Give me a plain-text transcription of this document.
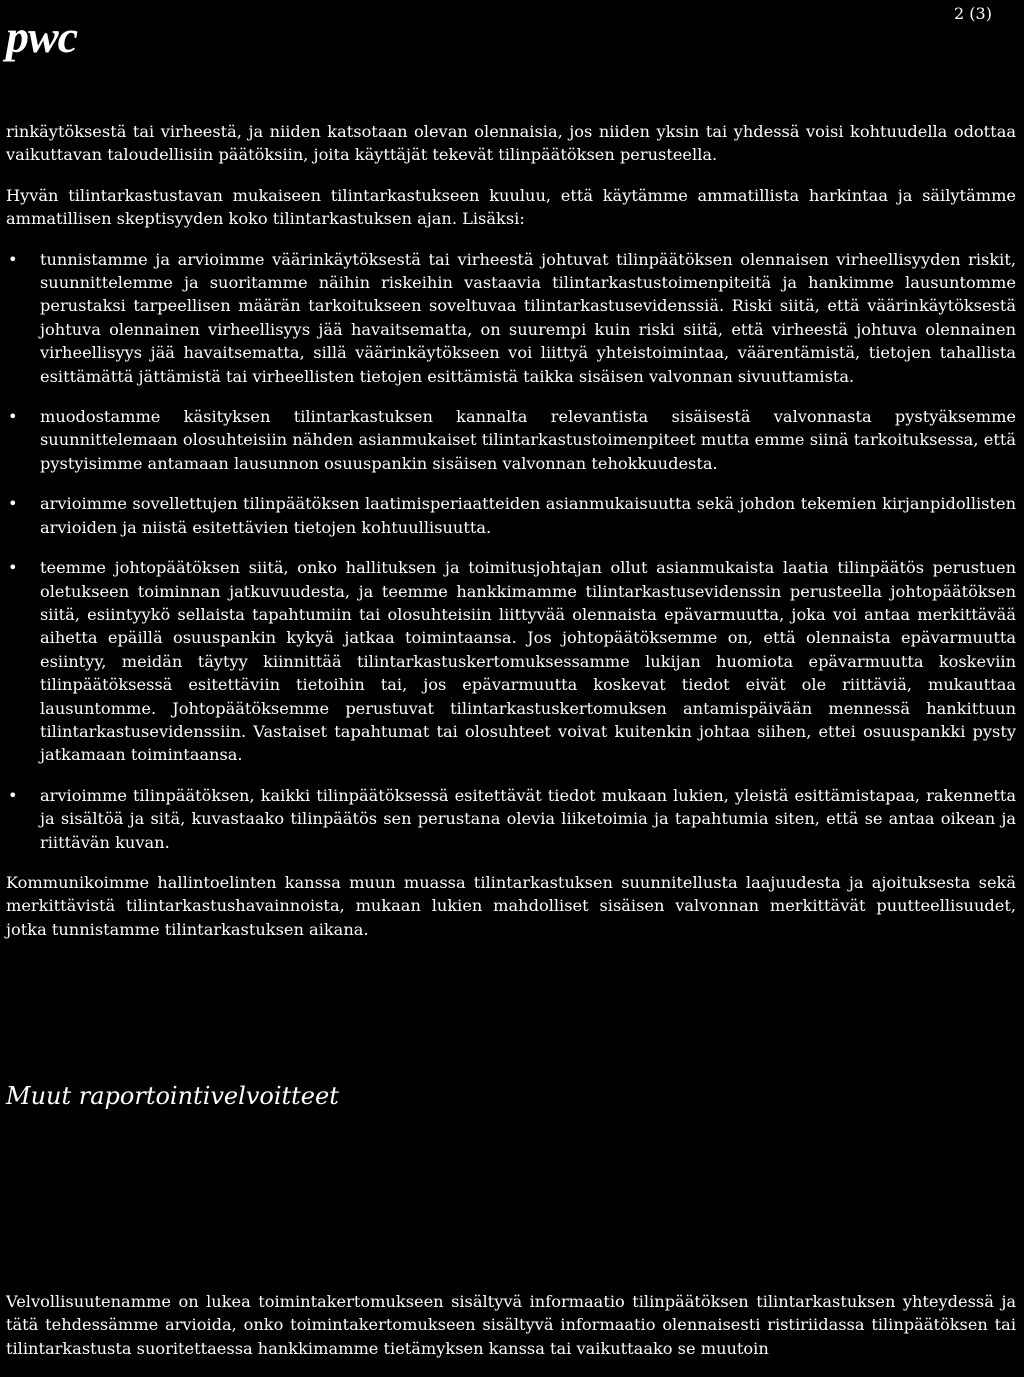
pwc	2 (3)

rinkäytöksestä tai virheestä, ja niiden katsotaan olevan olennaisia, jos niiden yksin tai yhdessä voisi kohtuudella odottaa vaikuttavan taloudellisiin päätöksiin, joita käyttäjät tekevät tilinpäätöksen perusteella.

Hyvän tilintarkastustavan mukaiseen tilintarkastukseen kuuluu, että käytämme ammatillista harkintaa ja säilytämme ammatillisen skeptisyyden koko tilintarkastuksen ajan. Lisäksi:

• tunnistamme ja arvioimme väärinkäytöksestä tai virheestä johtuvat tilinpäätöksen olennaisen virheellisyyden riskit, suunnittelemme ja suoritamme näihin riskeihin vastaavia tilintarkastustoimenpiteitä ja hankimme lausuntomme perustaksi tarpeellisen määrän tarkoitukseen soveltuvaa tilintarkastusevidenssiä. Riski siitä, että väärinkäytöksestä johtuva olennainen virheellisyys jää havaitsematta, on suurempi kuin riski siitä, että virheestä johtuva olennainen virheellisyys jää havaitsematta, sillä väärinkäytökseen voi liittyä yhteistoimintaa, väärentämistä, tietojen tahallista esittämättä jättämistä tai virheellisten tietojen esittämistä taikka sisäisen valvonnan sivuuttamista.
• muodostamme käsityksen tilintarkastuksen kannalta relevantista sisäisestä valvonnasta pystyäksemme suunnittelemaan olosuhteisiin nähden asianmukaiset tilintarkastustoimenpiteet mutta emme siinä tarkoituksessa, että pystyisimme antamaan lausunnon osuuspankin sisäisen valvonnan tehokkuudesta.
• arvioimme sovellettujen tilinpäätöksen laatimisperiaatteiden asianmukaisuutta sekä johdon tekemien kirjanpidollisten arvioiden ja niistä esitettävien tietojen kohtuullisuutta.
• teemme johtopäätöksen siitä, onko hallituksen ja toimitusjohtajan ollut asianmukaista laatia tilinpäätös perustuen oletukseen toiminnan jatkuvuudesta, ja teemme hankkimamme tilintarkastusevidenssin perusteella johtopäätöksen siitä, esiintyykö sellaista tapahtumiin tai olosuhteisiin liittyvää olennaista epävarmuutta, joka voi antaa merkittävää aihetta epäillä osuuspankin kykyä jatkaa toimintaansa. Jos johtopäätöksemme on, että olennaista epävarmuutta esiintyy, meidän täytyy kiinnittää tilintarkastuskertomuksessamme lukijan huomiota epävarmuutta koskeviin tilinpäätöksessä esitettäviin tietoihin tai, jos epävarmuutta koskevat tiedot eivät ole riittäviä, mukauttaa lausuntomme. Johtopäätöksemme perustuvat tilintarkastuskertomuksen antamispäivään mennessä hankittuun tilintarkastusevidenssiin. Vastaiset tapahtumat tai olosuhteet voivat kuitenkin johtaa siihen, ettei osuuspankki pysty jatkamaan toimintaansa.
• arvioimme tilinpäätöksen, kaikki tilinpäätöksessä esitettävät tiedot mukaan lukien, yleistä esittämistapaa, rakennetta ja sisältöä ja sitä, kuvastaako tilinpäätös sen perustana olevia liiketoimia ja tapahtumia siten, että se antaa oikean ja riittävän kuvan.

Kommunikoimme hallintoelinten kanssa muun muassa tilintarkastuksen suunnitellusta laajuudesta ja ajoituksesta sekä merkittävistä tilintarkastushavainnoista, mukaan lukien mahdolliset sisäisen valvonnan merkittävät puutteellisuudet, jotka tunnistamme tilintarkastuksen aikana.

Muut raportointivelvoitteet

Velvollisuutenamme on lukea toimintakertomukseen sisältyvä informaatio tilinpäätöksen tilintarkastuksen yhteydessä ja tätä tehdessämme arvioida, onko toimintakertomukseen sisältyvä informaatio olennaisesti ristiriidassa tilinpäätöksen tai tilintarkastusta suoritettaessa hankkimamme tietämyksen kanssa tai vaikuttaako se muutoin
